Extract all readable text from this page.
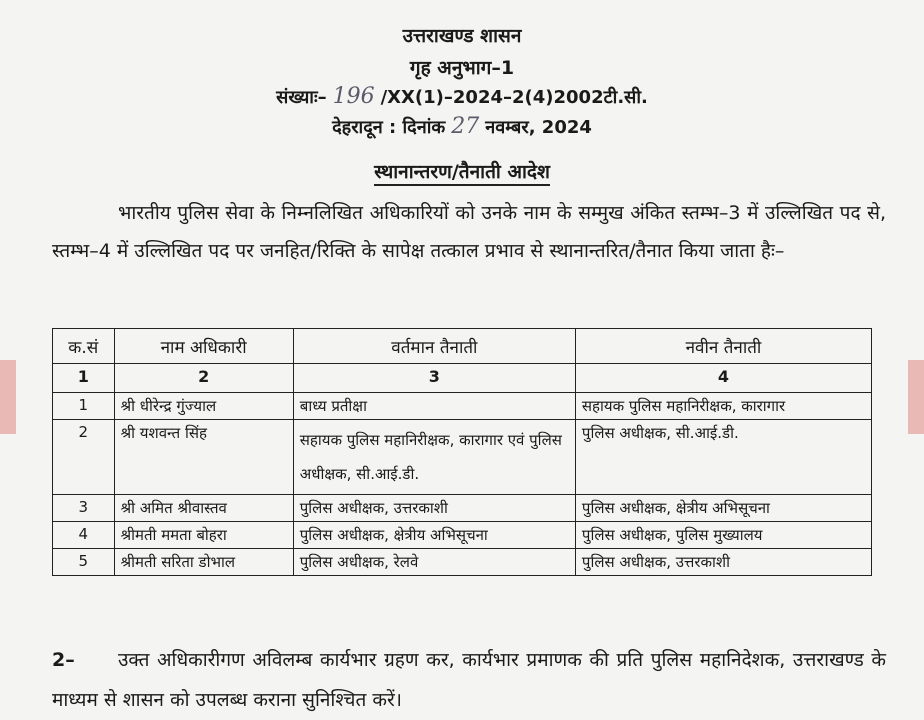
उत्तराखण्ड शासन
गृह अनुभाग–1
संख्याः– 196 /XX(1)–2024–2(4)2002टी.सी.
देहरादून : दिनांक 27 नवम्बर, 2024
स्थानान्तरण/तैनाती आदेश
भारतीय पुलिस सेवा के निम्नलिखित अधिकारियों को उनके नाम के सम्मुख अंकित स्तम्भ–3 में उल्लिखित पद से, स्तम्भ–4 में उल्लिखित पद पर जनहित/रिक्ति के सापेक्ष तत्काल प्रभाव से स्थानान्तरित/तैनात किया जाता हैः–
क.सं	नाम अधिकारी	वर्तमान तैनाती	नवीन तैनाती
1	2	3	4
1	श्री धीरेन्द्र गुंज्याल	बाध्य प्रतीक्षा	सहायक पुलिस महानिरीक्षक, कारागार
2	श्री यशवन्त सिंह	सहायक पुलिस महानिरीक्षक, कारागार एवं पुलिस अधीक्षक, सी.आई.डी.	पुलिस अधीक्षक, सी.आई.डी.
3	श्री अमित श्रीवास्तव	पुलिस अधीक्षक, उत्तरकाशी	पुलिस अधीक्षक, क्षेत्रीय अभिसूचना
4	श्रीमती ममता बोहरा	पुलिस अधीक्षक, क्षेत्रीय अभिसूचना	पुलिस अधीक्षक, पुलिस मुख्यालय
5	श्रीमती सरिता डोभाल	पुलिस अधीक्षक, रेलवे	पुलिस अधीक्षक, उत्तरकाशी
2– उक्त अधिकारीगण अविलम्ब कार्यभार ग्रहण कर, कार्यभार प्रमाणक की प्रति पुलिस महानिदेशक, उत्तराखण्ड के माध्यम से शासन को उपलब्ध कराना सुनिश्चित करें।
